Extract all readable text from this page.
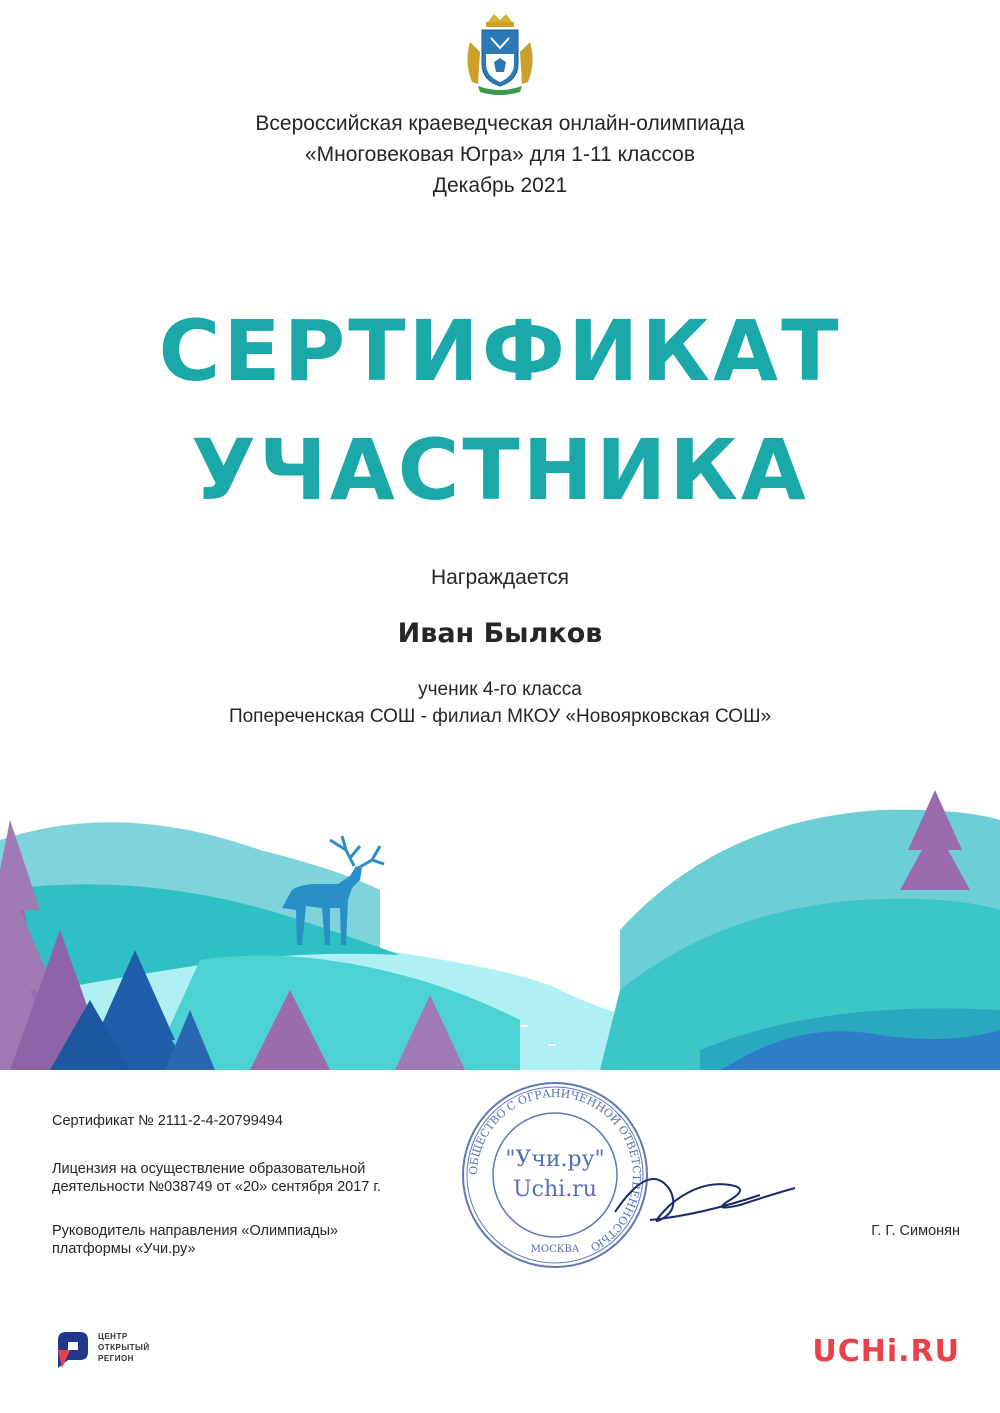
Всероссийская краеведческая онлайн-олимпиада
«Многовековая Югра» для 1-11 классов
Декабрь 2021
СЕРТИФИКАТ
УЧАСТНИКА
Награждается
Иван Былков
ученик 4-го класса
Попереченская СОШ - филиал МКОУ «Новоярковская СОШ»
Сертификат № 2111-2-4-20799494
Лицензия на осуществление образовательной
деятельности №038749 от «20» сентября 2017 г.
Руководитель направления «Олимпиады»
платформы «Учи.ру»
Г. Г. Симонян
ОБЩЕСТВО С ОГРАНИЧЕННОЙ ОТВЕТСТВЕННОСТЬЮ
"Учи.ру"
Uchi.ru
МОСКВА
ЦЕНТР
ОТКРЫТЫЙ
РЕГИОН	UCHi.RU
